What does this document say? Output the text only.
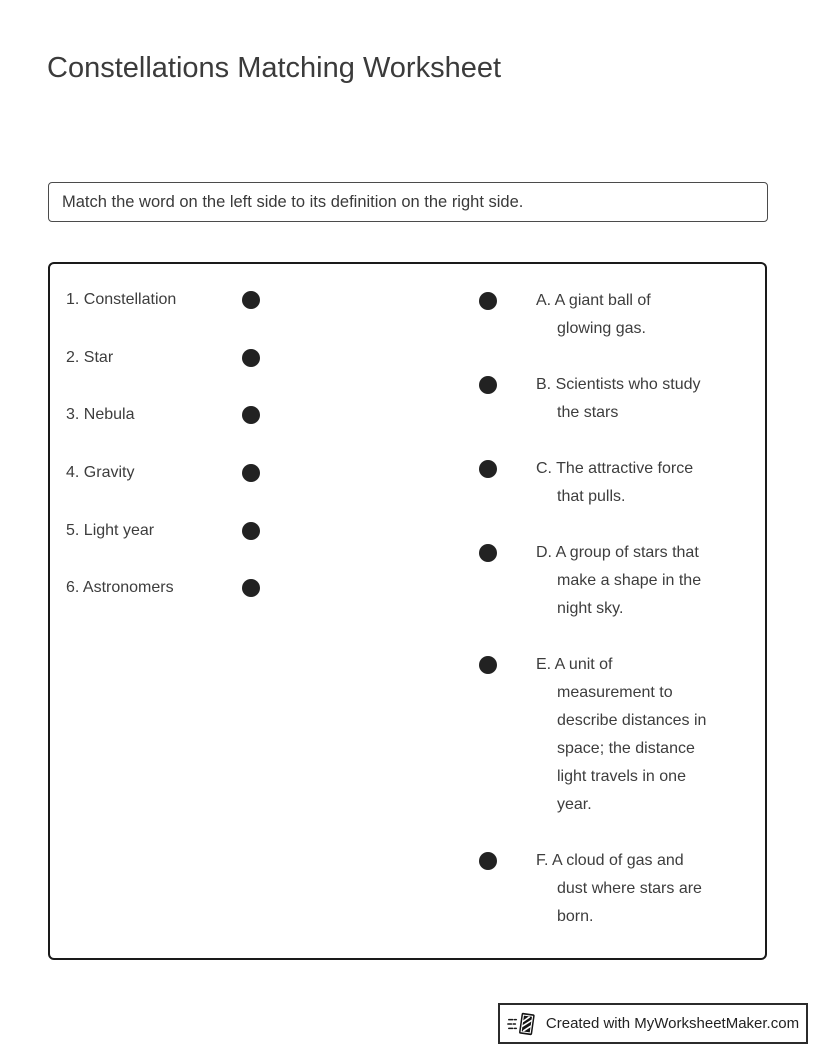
Constellations Matching Worksheet
Match the word on the left side to its definition on the right side.
1. Constellation
2. Star
3. Nebula
4. Gravity
5. Light year
6. Astronomers
A. A giant ball of
glowing gas.
B. Scientists who study
the stars
C. The attractive force
that pulls.
D. A group of stars that
make a shape in the
night sky.
E. A unit of
measurement to
describe distances in
space; the distance
light travels in one
year.
F. A cloud of gas and
dust where stars are
born.
Created with MyWorksheetMaker.com
